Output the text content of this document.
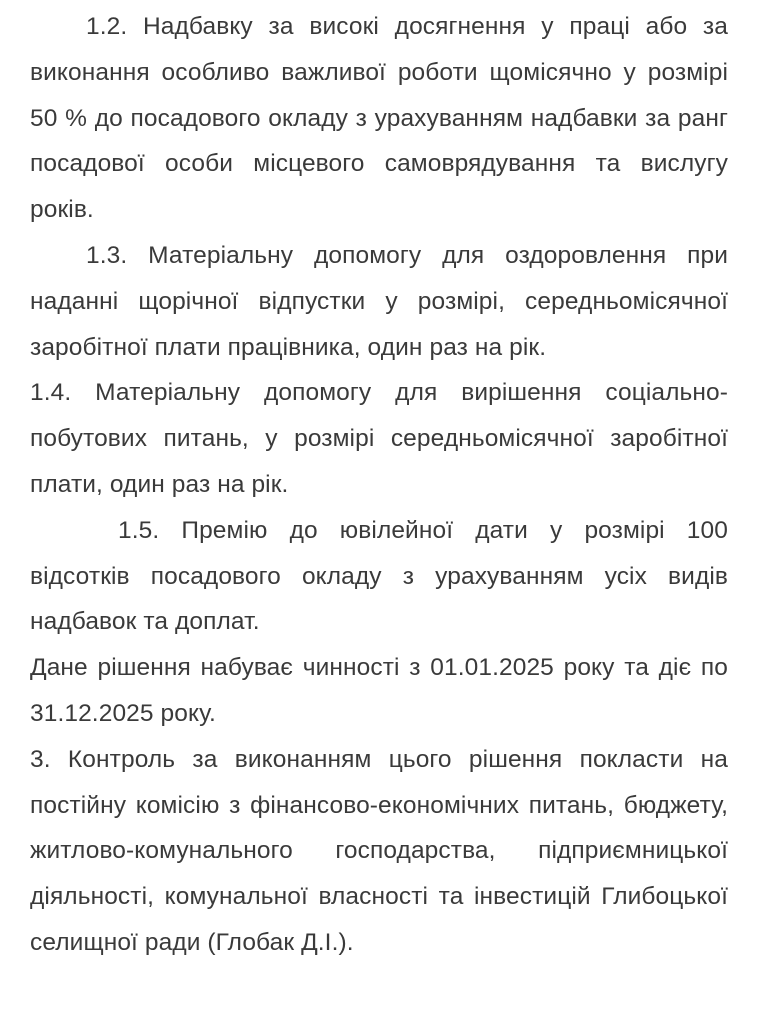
1.2. Надбавку за високі досягнення у праці або за виконання особливо важливої роботи щомісячно у розмірі 50 % до посадового окладу з урахуванням надбавки за ранг посадової особи місцевого самоврядування та вислугу років.

1.3. Матеріальну допомогу для оздоровлення при наданні щорічної відпустки у розмірі, середньомісячної заробітної плати працівника, один раз на рік.

1.4. Матеріальну допомогу для вирішення соціально-побутових питань, у розмірі середньомісячної заробітної плати, один раз на рік.

1.5. Премію до ювілейної дати у розмірі 100 відсотків посадового окладу з урахуванням усіх видів надбавок та доплат.

Дане рішення набуває чинності з 01.01.2025 року та діє по 31.12.2025 року.

3. Контроль за виконанням цього рішення покласти на постійну комісію з фінансово-економічних питань, бюджету, житлово-комунального господарства, підприємницької діяльності, комунальної власності та інвестицій Глибоцької селищної ради (Глобак Д.І.).
